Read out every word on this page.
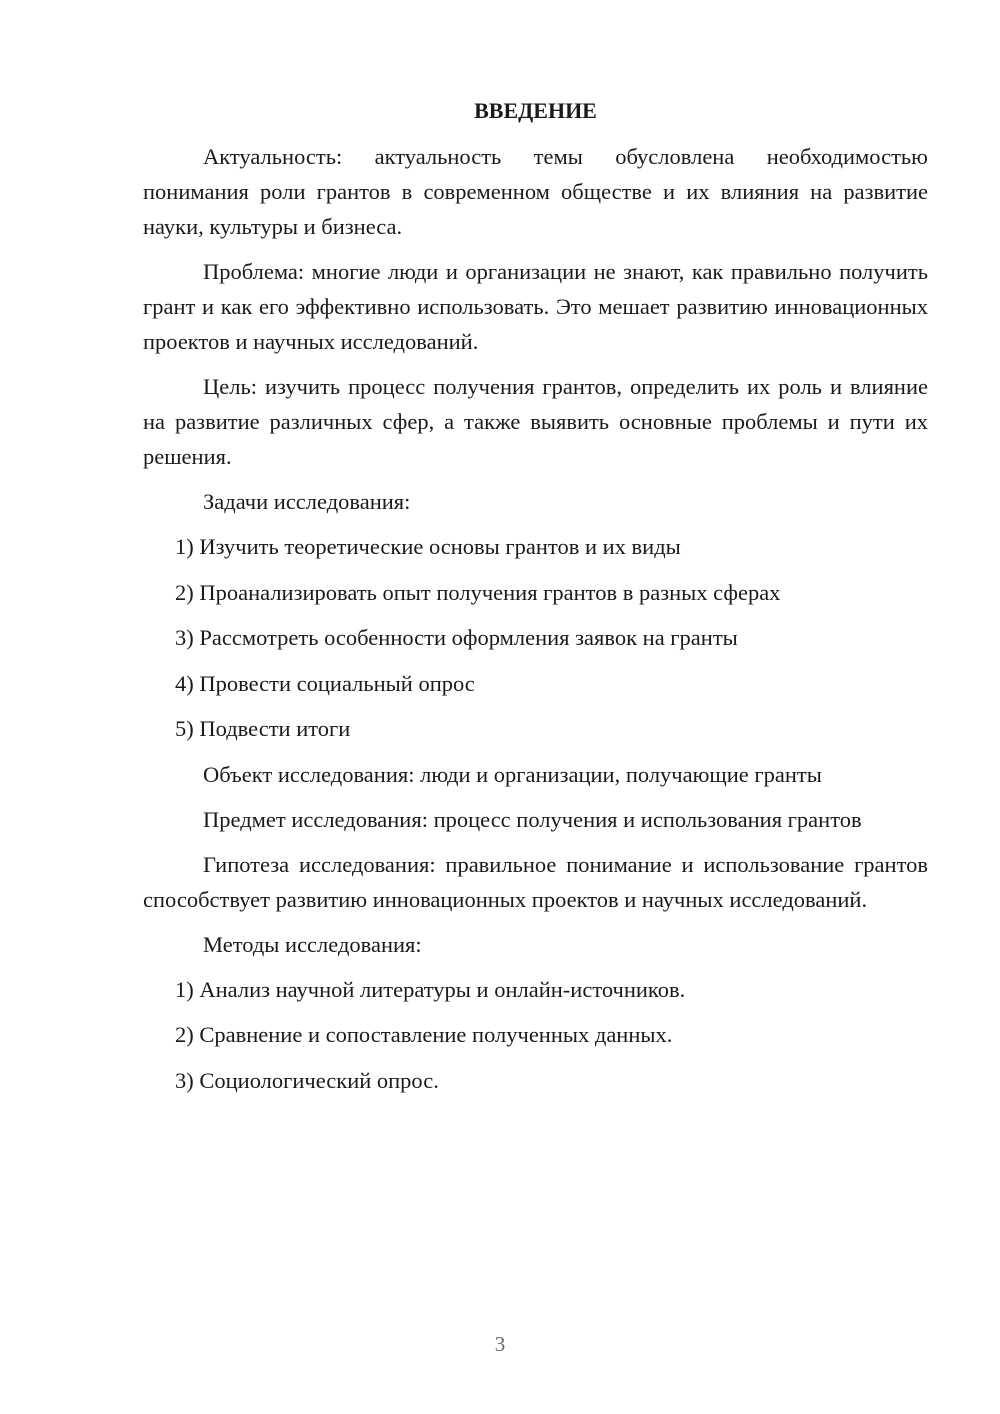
ВВЕДЕНИЕ

Актуальность: актуальность темы обусловлена необходимостью понимания роли грантов в современном обществе и их влияния на развитие науки, культуры и бизнеса.

Проблема: многие люди и организации не знают, как правильно получить грант и как его эффективно использовать. Это мешает развитию инновационных проектов и научных исследований.

Цель: изучить процесс получения грантов, определить их роль и влияние на развитие различных сфер, а также выявить основные проблемы и пути их решения.

Задачи исследования:

1) Изучить теоретические основы грантов и их виды

2) Проанализировать опыт получения грантов в разных сферах

3) Рассмотреть особенности оформления заявок на гранты

4) Провести социальный опрос

5) Подвести итоги

Объект исследования: люди и организации, получающие гранты

Предмет исследования: процесс получения и использования грантов

Гипотеза исследования: правильное понимание и использование грантов способствует развитию инновационных проектов и научных исследований.

Методы исследования:

1) Анализ научной литературы и онлайн-источников.

2) Сравнение и сопоставление полученных данных.

3) Социологический опрос.

3
